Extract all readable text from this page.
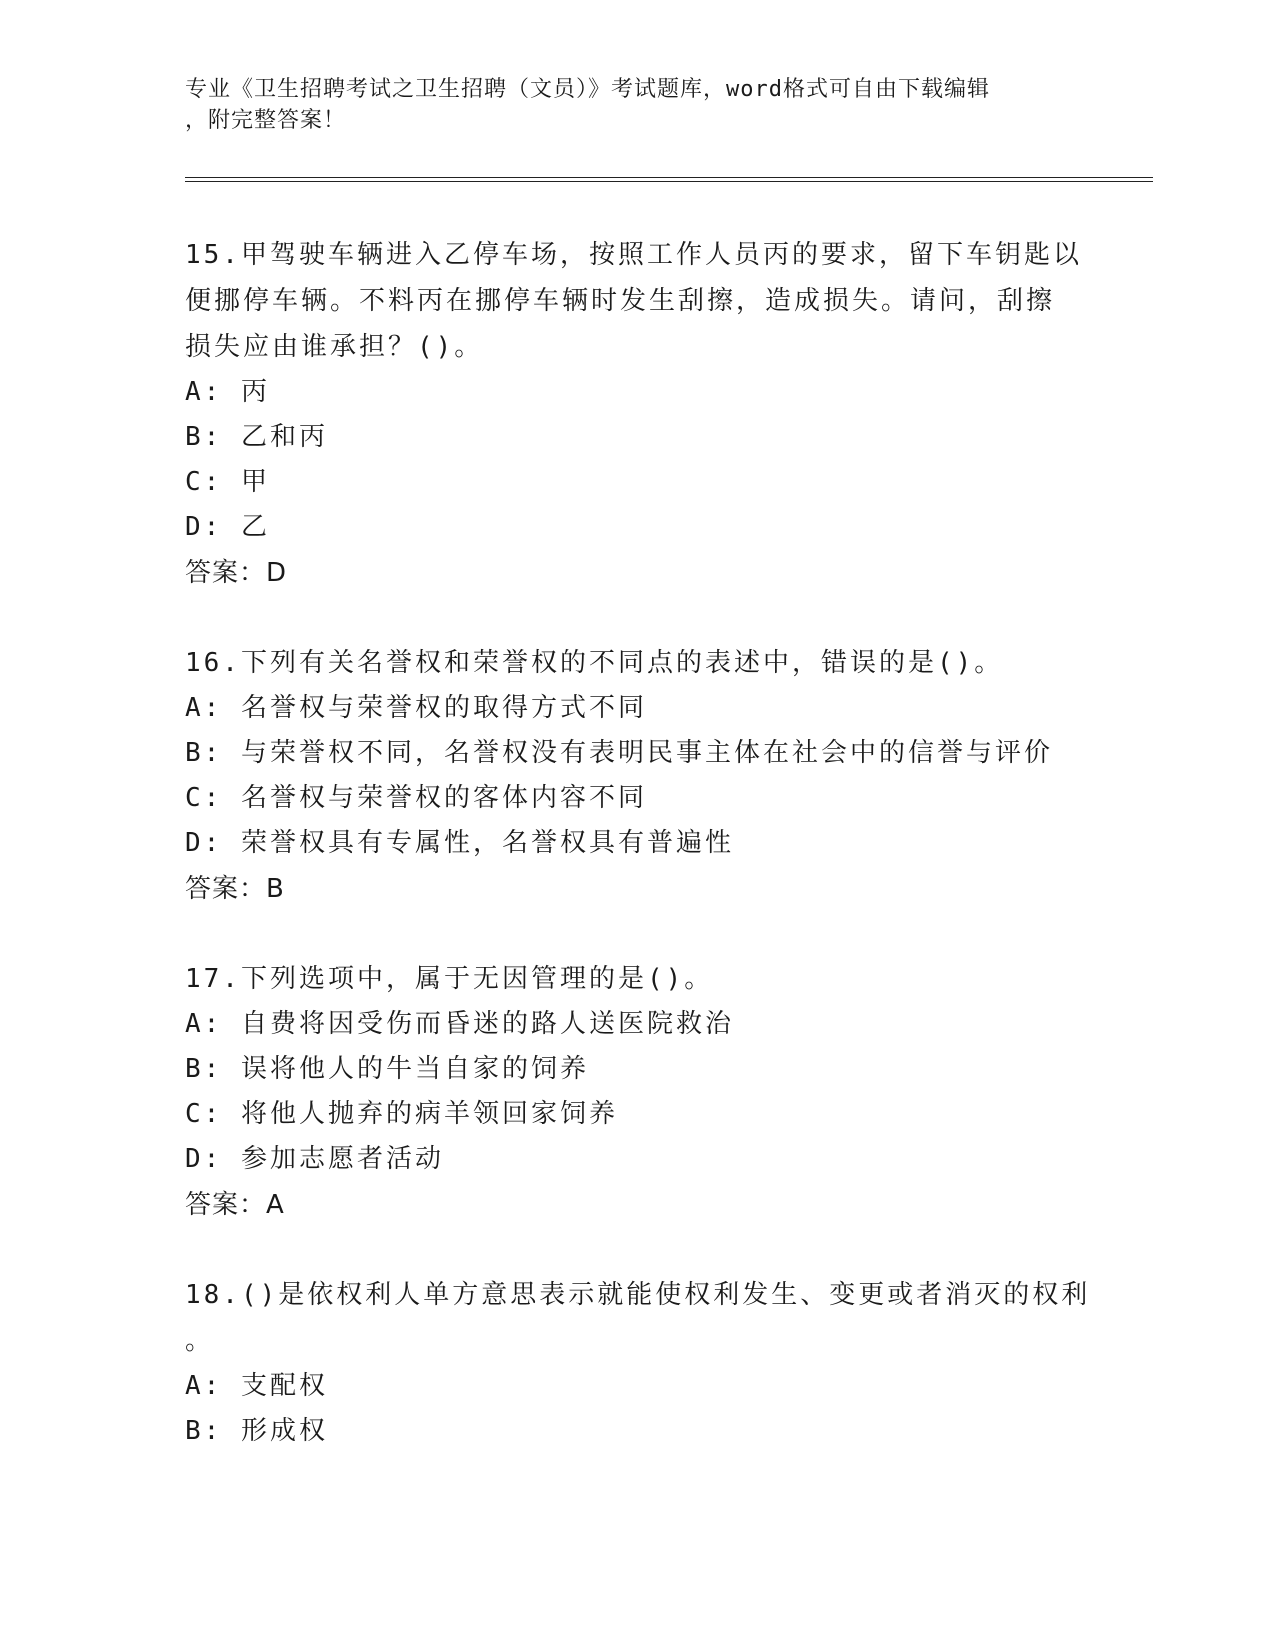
专业《卫生招聘考试之卫生招聘（文员）》考试题库，word格式可自由下载编辑
，附完整答案！
15.甲驾驶车辆进入乙停车场，按照工作人员丙的要求，留下车钥匙以
便挪停车辆。不料丙在挪停车辆时发生刮擦，造成损失。请问，刮擦
损失应由谁承担？()。
A: 丙
B: 乙和丙
C: 甲
D: 乙
答案：D
16.下列有关名誉权和荣誉权的不同点的表述中，错误的是()。
A: 名誉权与荣誉权的取得方式不同
B: 与荣誉权不同，名誉权没有表明民事主体在社会中的信誉与评价
C: 名誉权与荣誉权的客体内容不同
D: 荣誉权具有专属性，名誉权具有普遍性
答案：B
17.下列选项中，属于无因管理的是()。
A: 自费将因受伤而昏迷的路人送医院救治
B: 误将他人的牛当自家的饲养
C: 将他人抛弃的病羊领回家饲养
D: 参加志愿者活动
答案：A
18.()是依权利人单方意思表示就能使权利发生、变更或者消灭的权利
。
A: 支配权
B: 形成权
